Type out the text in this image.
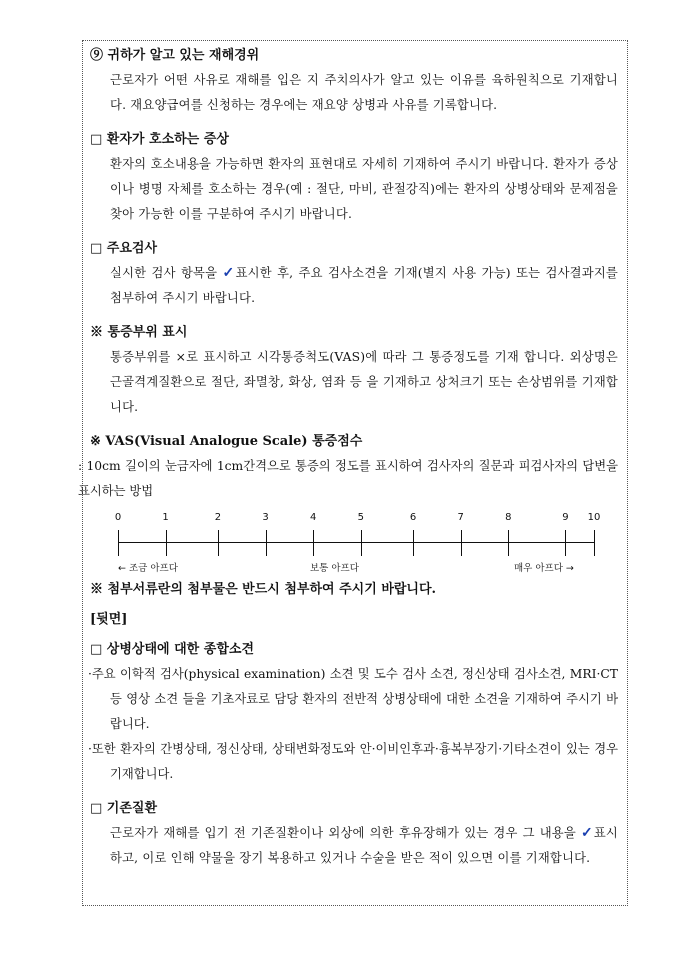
⑨ 귀하가 알고 있는 재해경위
근로자가 어떤 사유로 재해를 입은 지 주치의사가 알고 있는 이유를 육하원칙으로 기재합니다. 재요양급여를 신청하는 경우에는 재요양 상병과 사유를 기록합니다.
□ 환자가 호소하는 증상
환자의 호소내용을 가능하면 환자의 표현대로 자세히 기재하여 주시기 바랍니다. 환자가 증상이나 병명 자체를 호소하는 경우(예 : 절단, 마비, 관절강직)에는 환자의 상병상태와 문제점을 찾아 가능한 이를 구분하여 주시기 바랍니다.
□ 주요검사
실시한 검사 항목을 ✓표시한 후, 주요 검사소견을 기재(별지 사용 가능) 또는 검사결과지를 첨부하여 주시기 바랍니다.
※ 통증부위 표시
통증부위를 ×로 표시하고 시각통증척도(VAS)에 따라 그 통증정도를 기재 합니다. 외상명은 근골격계질환으로 절단, 좌멸창, 화상, 염좌 등 을 기재하고 상처크기 또는 손상범위를 기재합니다.
※ VAS(Visual Analogue Scale) 통증점수
: 10cm 길이의 눈금자에 1cm간격으로 통증의 정도를 표시하여 검사자의 질문과 피검사자의 답변을 표시하는 방법
← 조금 아프다	보통 아프다	매우 아프다 →
0	1	2	3	4	5	6	7	8	9 10
※ 첨부서류란의 첨부물은 반드시 첨부하여 주시기 바랍니다.
[뒷면]
□ 상병상태에 대한 종합소견
·주요 이학적 검사(physical examination) 소견 및 도수 검사 소견, 정신상태 검사소견, MRI·CT 등 영상 소견 들을 기초자료로 담당 환자의 전반적 상병상태에 대한 소견을 기재하여 주시기 바랍니다.
·또한 환자의 간병상태, 정신상태, 상태변화정도와 안·이비인후과·흉복부장기·기타소견이 있는 경우 기재합니다.
□ 기존질환
근로자가 재해를 입기 전 기존질환이나 외상에 의한 후유장해가 있는 경우 그 내용을 ✓표시하고, 이로 인해 약물을 장기 복용하고 있거나 수술을 받은 적이 있으면 이를 기재합니다.
